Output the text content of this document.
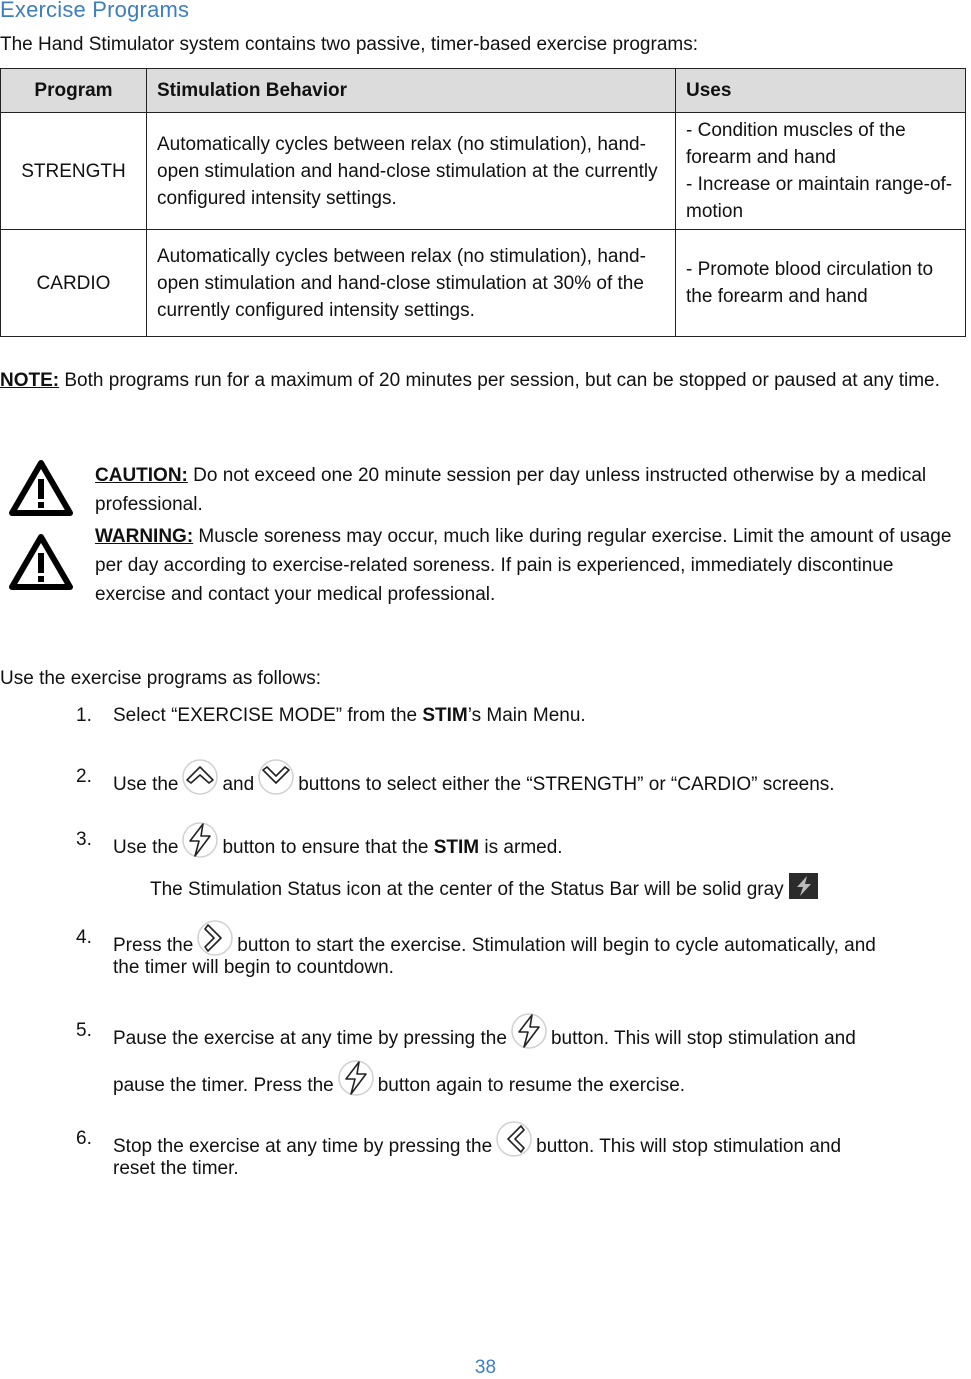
Exercise Programs
The Hand Stimulator system contains two passive, timer-based exercise programs:
Program	Stimulation Behavior	Uses
STRENGTH	Automatically cycles between relax (no stimulation), hand-open stimulation and hand-close stimulation at the currently configured intensity settings.	- Condition muscles of the forearm and hand
- Increase or maintain range-of-motion

CARDIO	Automatically cycles between relax (no stimulation), hand-open stimulation and hand-close stimulation at 30% of the currently configured intensity settings.	- Promote blood circulation to the forearm and hand
NOTE: Both programs run for a maximum of 20 minutes per session, but can be stopped or paused at any time.
CAUTION: Do not exceed one 20 minute session per day unless instructed otherwise by a medical professional.
WARNING: Muscle soreness may occur, much like during regular exercise. Limit the amount of usage per day according to exercise-related soreness. If pain is experienced, immediately discontinue exercise and contact your medical professional.
Use the exercise programs as follows:
1. Select “EXERCISE MODE” from the STIM’s Main Menu.
2. Use the and buttons to select either the “STRENGTH” or “CARDIO” screens.
3. Use the button to ensure that the STIM is armed.
The Stimulation Status icon at the center of the Status Bar will be solid gray
4. Press the button to start the exercise. Stimulation will begin to cycle automatically, and
the timer will begin to countdown.
5. Pause the exercise at any time by pressing the button. This will stop stimulation and
pause the timer. Press the button again to resume the exercise.
6. Stop the exercise at any time by pressing the button. This will stop stimulation and
reset the timer.
38
